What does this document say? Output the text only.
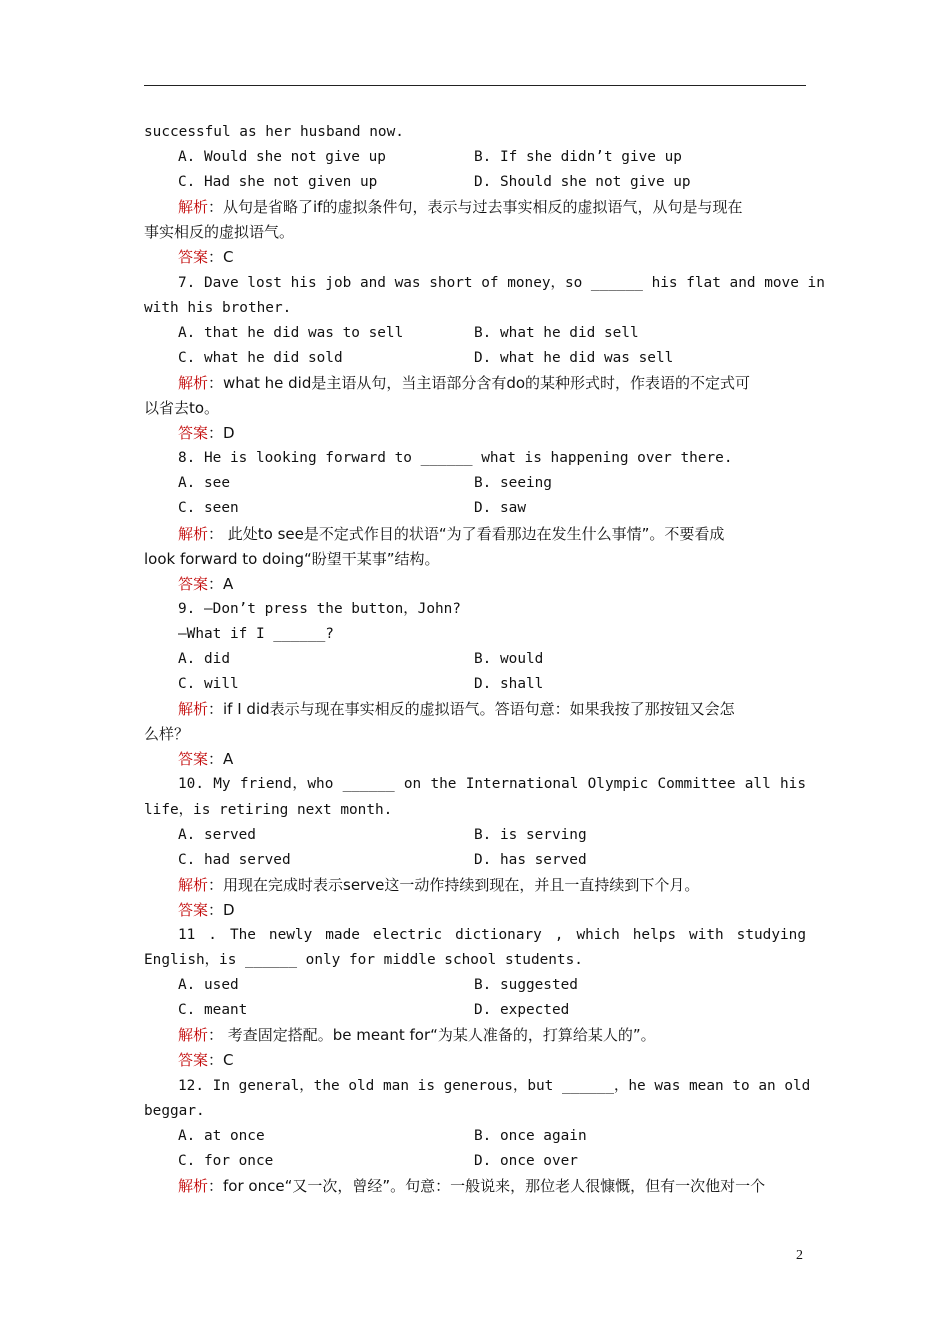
successful as her husband now.
A. Would she not give up	B. If she didn’t give up
C. Had she not given up	D. Should she not give up
解析：从句是省略了if的虚拟条件句，表示与过去事实相反的虚拟语气，从句是与现在
事实相反的虚拟语气。
答案：C
7. Dave lost his job and was short of money，so ______ his flat and move in
with his brother.
A. that he did was to sell	B. what he did sell
C. what he did sold	D. what he did was sell
解析：what he did是主语从句，当主语部分含有do的某种形式时，作表语的不定式可
以省去to。
答案：D
8. He is looking forward to ______ what is happening over there.
A. see	B. seeing
C. seen	D. saw
解析： 此处to see是不定式作目的状语“为了看看那边在发生什么事情”。不要看成
look forward to doing“盼望干某事”结构。
答案：A
9. —Don’t press the button，John?
—What if I ______?
A. did	B. would
C. will	D. shall
解析：if I did表示与现在事实相反的虚拟语气。答语句意：如果我按了那按钮又会怎
么样？
答案：A
10. My friend，who ______ on the International Olympic Committee all his
life，is retiring next month.
A. served	B. is serving
C. had served	D. has served
解析：用现在完成时表示serve这一动作持续到现在，并且一直持续到下个月。
答案：D
11 . The newly made electric dictionary , which helps with studying
English，is ______ only for middle school students.
A. used	B. suggested
C. meant	D. expected
解析： 考查固定搭配。be meant for“为某人准备的，打算给某人的”。
答案：C
12. In general，the old man is generous，but ______，he was mean to an old
beggar.
A. at once	B. once again
C. for once	D. once over
解析：for once“又一次，曾经”。句意：一般说来，那位老人很慷慨，但有一次他对一个
2
